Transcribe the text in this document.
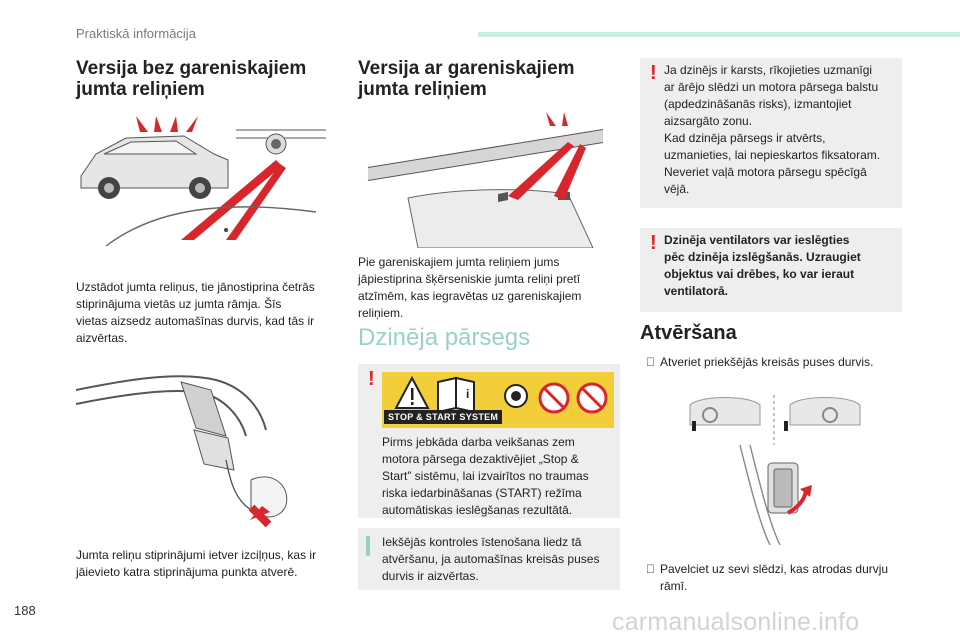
Praktiskā informācija
Versija bez gareniskajiem
jumta reliņiem
Uzstādot jumta reliņus, tie jānostiprina četrās
stiprinājuma vietās uz jumta rāmja. Šīs
vietas aizsedz automašīnas durvis, kad tās ir
aizvērtas.
Jumta reliņu stiprinājumi ietver izciļņus, kas ir
jāievieto katra stiprinājuma punkta atverē.
Versija ar gareniskajiem
jumta reliņiem
Pie gareniskajiem jumta reliņiem jums
jāpiestiprina šķērseniskie jumta reliņi pretī
atzīmēm, kas iegravētas uz gareniskajiem
reliņiem.
Dzinēja pārsegs
!
i
STOP & START SYSTEM
Pirms jebkāda darba veikšanas zem
motora pārsega dezaktivējiet „Stop &
Start” sistēmu, lai izvairītos no traumas
riska iedarbināšanas (START) režīma
automātiskas ieslēgšanas rezultātā.
Iekšējās kontroles īstenošana liedz tā
atvēršanu, ja automašīnas kreisās puses
durvis ir aizvērtas.
! Ja dzinējs ir karsts, rīkojieties uzmanīgi
ar ārējo slēdzi un motora pārsega balstu
(apdedzināšanās risks), izmantojiet
aizsargāto zonu.
Kad dzinēja pārsegs ir atvērts,
uzmanieties, lai nepieskartos fiksatoram.
Neveriet vaļā motora pārsegu spēcīgā
vējā.
! Dzinēja ventilators var ieslēgties
pēc dzinēja izslēgšanās. Uzraugiet
objektus vai drēbes, ko var ieraut
ventilatorā.
Atvēršana
Atveriet priekšējās kreisās puses durvis.
Pavelciet uz sevi slēdzi, kas atrodas durvju
rāmī.
188	carmanualsonline.info
